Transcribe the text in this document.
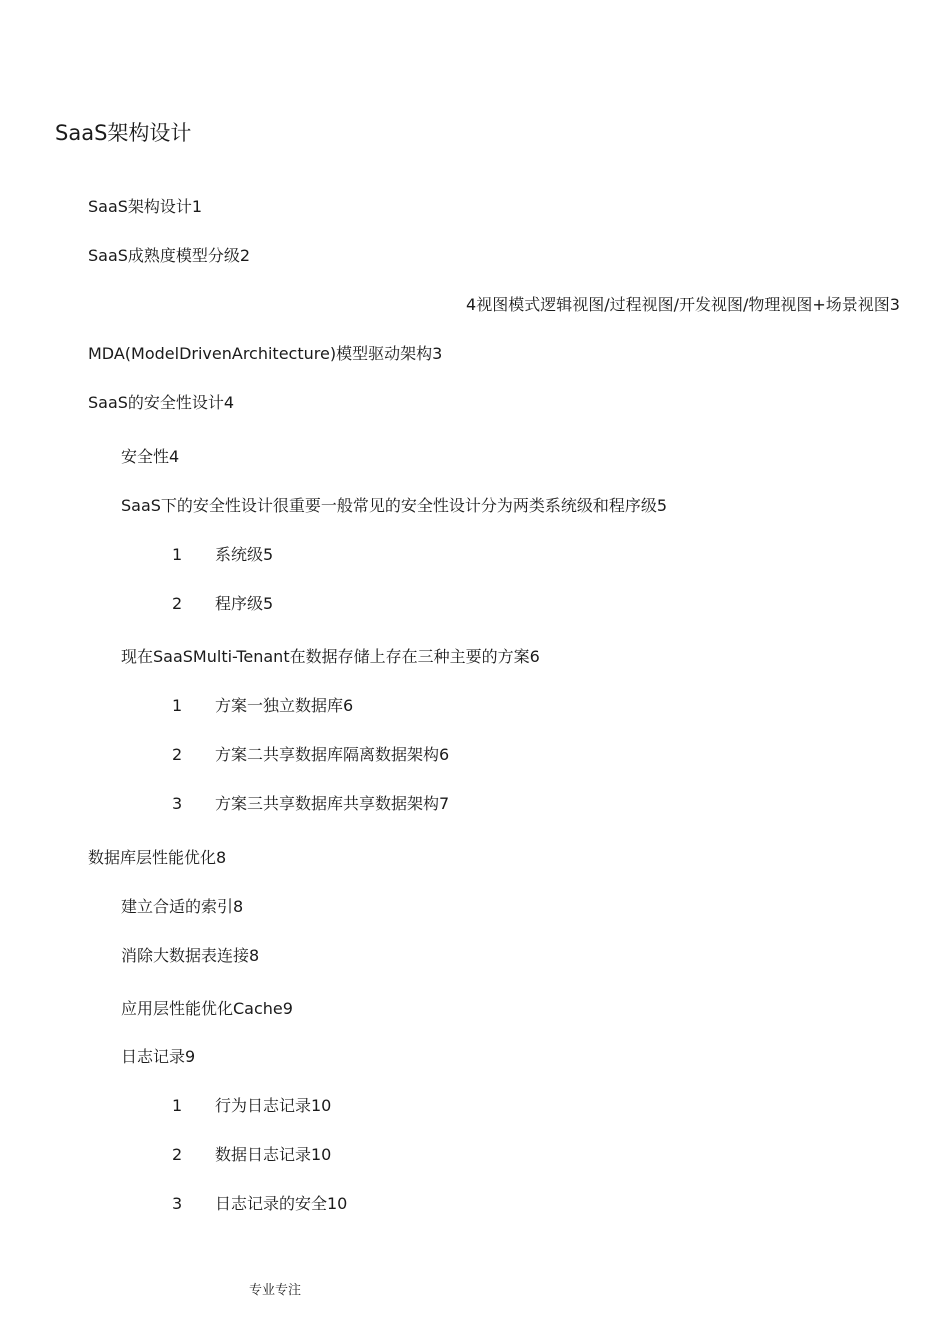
SaaS架构设计
SaaS架构设计1
SaaS成熟度模型分级2
4视图模式逻辑视图/过程视图/开发视图/物理视图+场景视图3
MDA(ModelDrivenArchitecture)模型驱动架构3
SaaS的安全性设计4
安全性4
SaaS下的安全性设计很重要一般常见的安全性设计分为两类系统级和程序级5
1 系统级5
2 程序级5
现在SaaSMulti-Tenant在数据存储上存在三种主要的方案6
1 方案一独立数据库6
2 方案二共享数据库隔离数据架构6
3 方案三共享数据库共享数据架构7
数据库层性能优化8
建立合适的索引8
消除大数据表连接8
应用层性能优化Cache9
日志记录9
1 行为日志记录10
2 数据日志记录10
3 日志记录的安全10
专业专注
